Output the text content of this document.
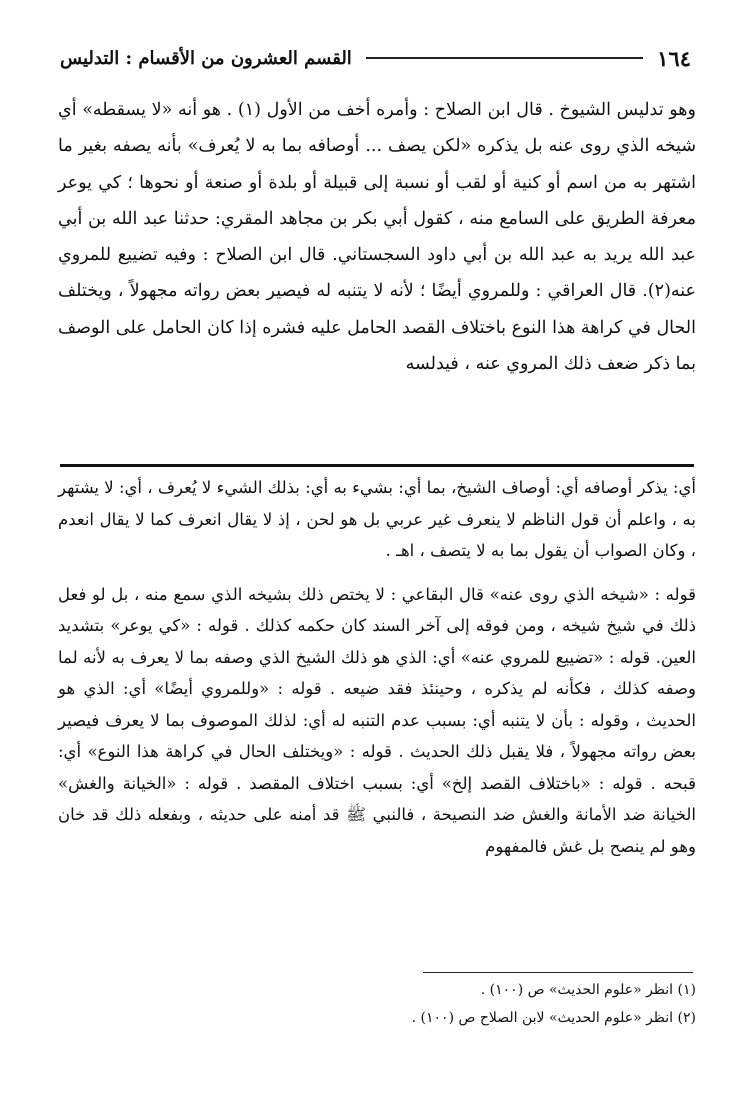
١٦٤
القسم العشرون من الأقسام : التدليس

وهو تدليس الشيوخ . قال ابن الصلاح : وأمره أخف من الأول (١) . هو أنه «لا يسقطه» أي شيخه الذي روى عنه بل يذكره «لكن يصف ... أوصافه بما به لا يُعرف» بأنه يصفه بغير ما اشتهر به من اسم أو كنية أو لقب أو نسبة إلى قبيلة أو بلدة أو صنعة أو نحوها ؛ كي يوعر معرفة الطريق على السامع منه ، كقول أبي بكر بن مجاهد المقري: حدثنا عبد الله بن أبي عبد الله يريد به عبد الله بن أبي داود السجستاني. قال ابن الصلاح : وفيه تضييع للمروي عنه(٢). قال العراقي : وللمروي أيضًا ؛ لأنه لا يتنبه له فيصير بعض رواته مجهولاً ، ويختلف الحال في كراهة هذا النوع باختلاف القصد الحامل عليه فشره إذا كان الحامل على الوصف بما ذكر ضعف ذلك المروي عنه ، فيدلسه

أي: يذكر أوصافه أي: أوصاف الشيخ، بما أي: بشيء به أي: بذلك الشيء لا يُعرف ، أي: لا يشتهر به ، واعلم أن قول الناظم لا ينعرف غير عربي بل هو لحن ، إذ لا يقال انعرف كما لا يقال انعدم ، وكان الصواب أن يقول بما به لا يتصف ، اهـ .

قوله : «شيخه الذي روى عنه» قال البقاعي : لا يختص ذلك بشيخه الذي سمع منه ، بل لو فعل ذلك في شيخ شيخه ، ومن فوقه إلى آخر السند كان حكمه كذلك . قوله : «كي يوعر» بتشديد العين. قوله : «تضييع للمروي عنه» أي: الذي هو ذلك الشيخ الذي وصفه بما لا يعرف به لأنه لما وصفه كذلك ، فكأنه لم يذكره ، وحينئذ فقد ضيعه . قوله : «وللمروي أيضًا» أي: الذي هو الحديث ، وقوله : بأن لا يتنبه أي: بسبب عدم التنبه له أي: لذلك الموصوف بما لا يعرف فيصير بعض رواته مجهولاً ، فلا يقبل ذلك الحديث . قوله : «ويختلف الحال في كراهة هذا النوع» أي: قبحه . قوله : «باختلاف القصد إلخ» أي: بسبب اختلاف المقصد . قوله : «الخيانة والغش» الخيانة ضد الأمانة والغش ضد النصيحة ، فالنبي ﷺ قد أمنه على حديثه ، وبفعله ذلك قد خان وهو لم ينصح بل غش فالمفهوم

(١) انظر «علوم الحديث» ص (١٠٠) .
(٢) انظر «علوم الحديث» لابن الصلاح ص (١٠٠) .
